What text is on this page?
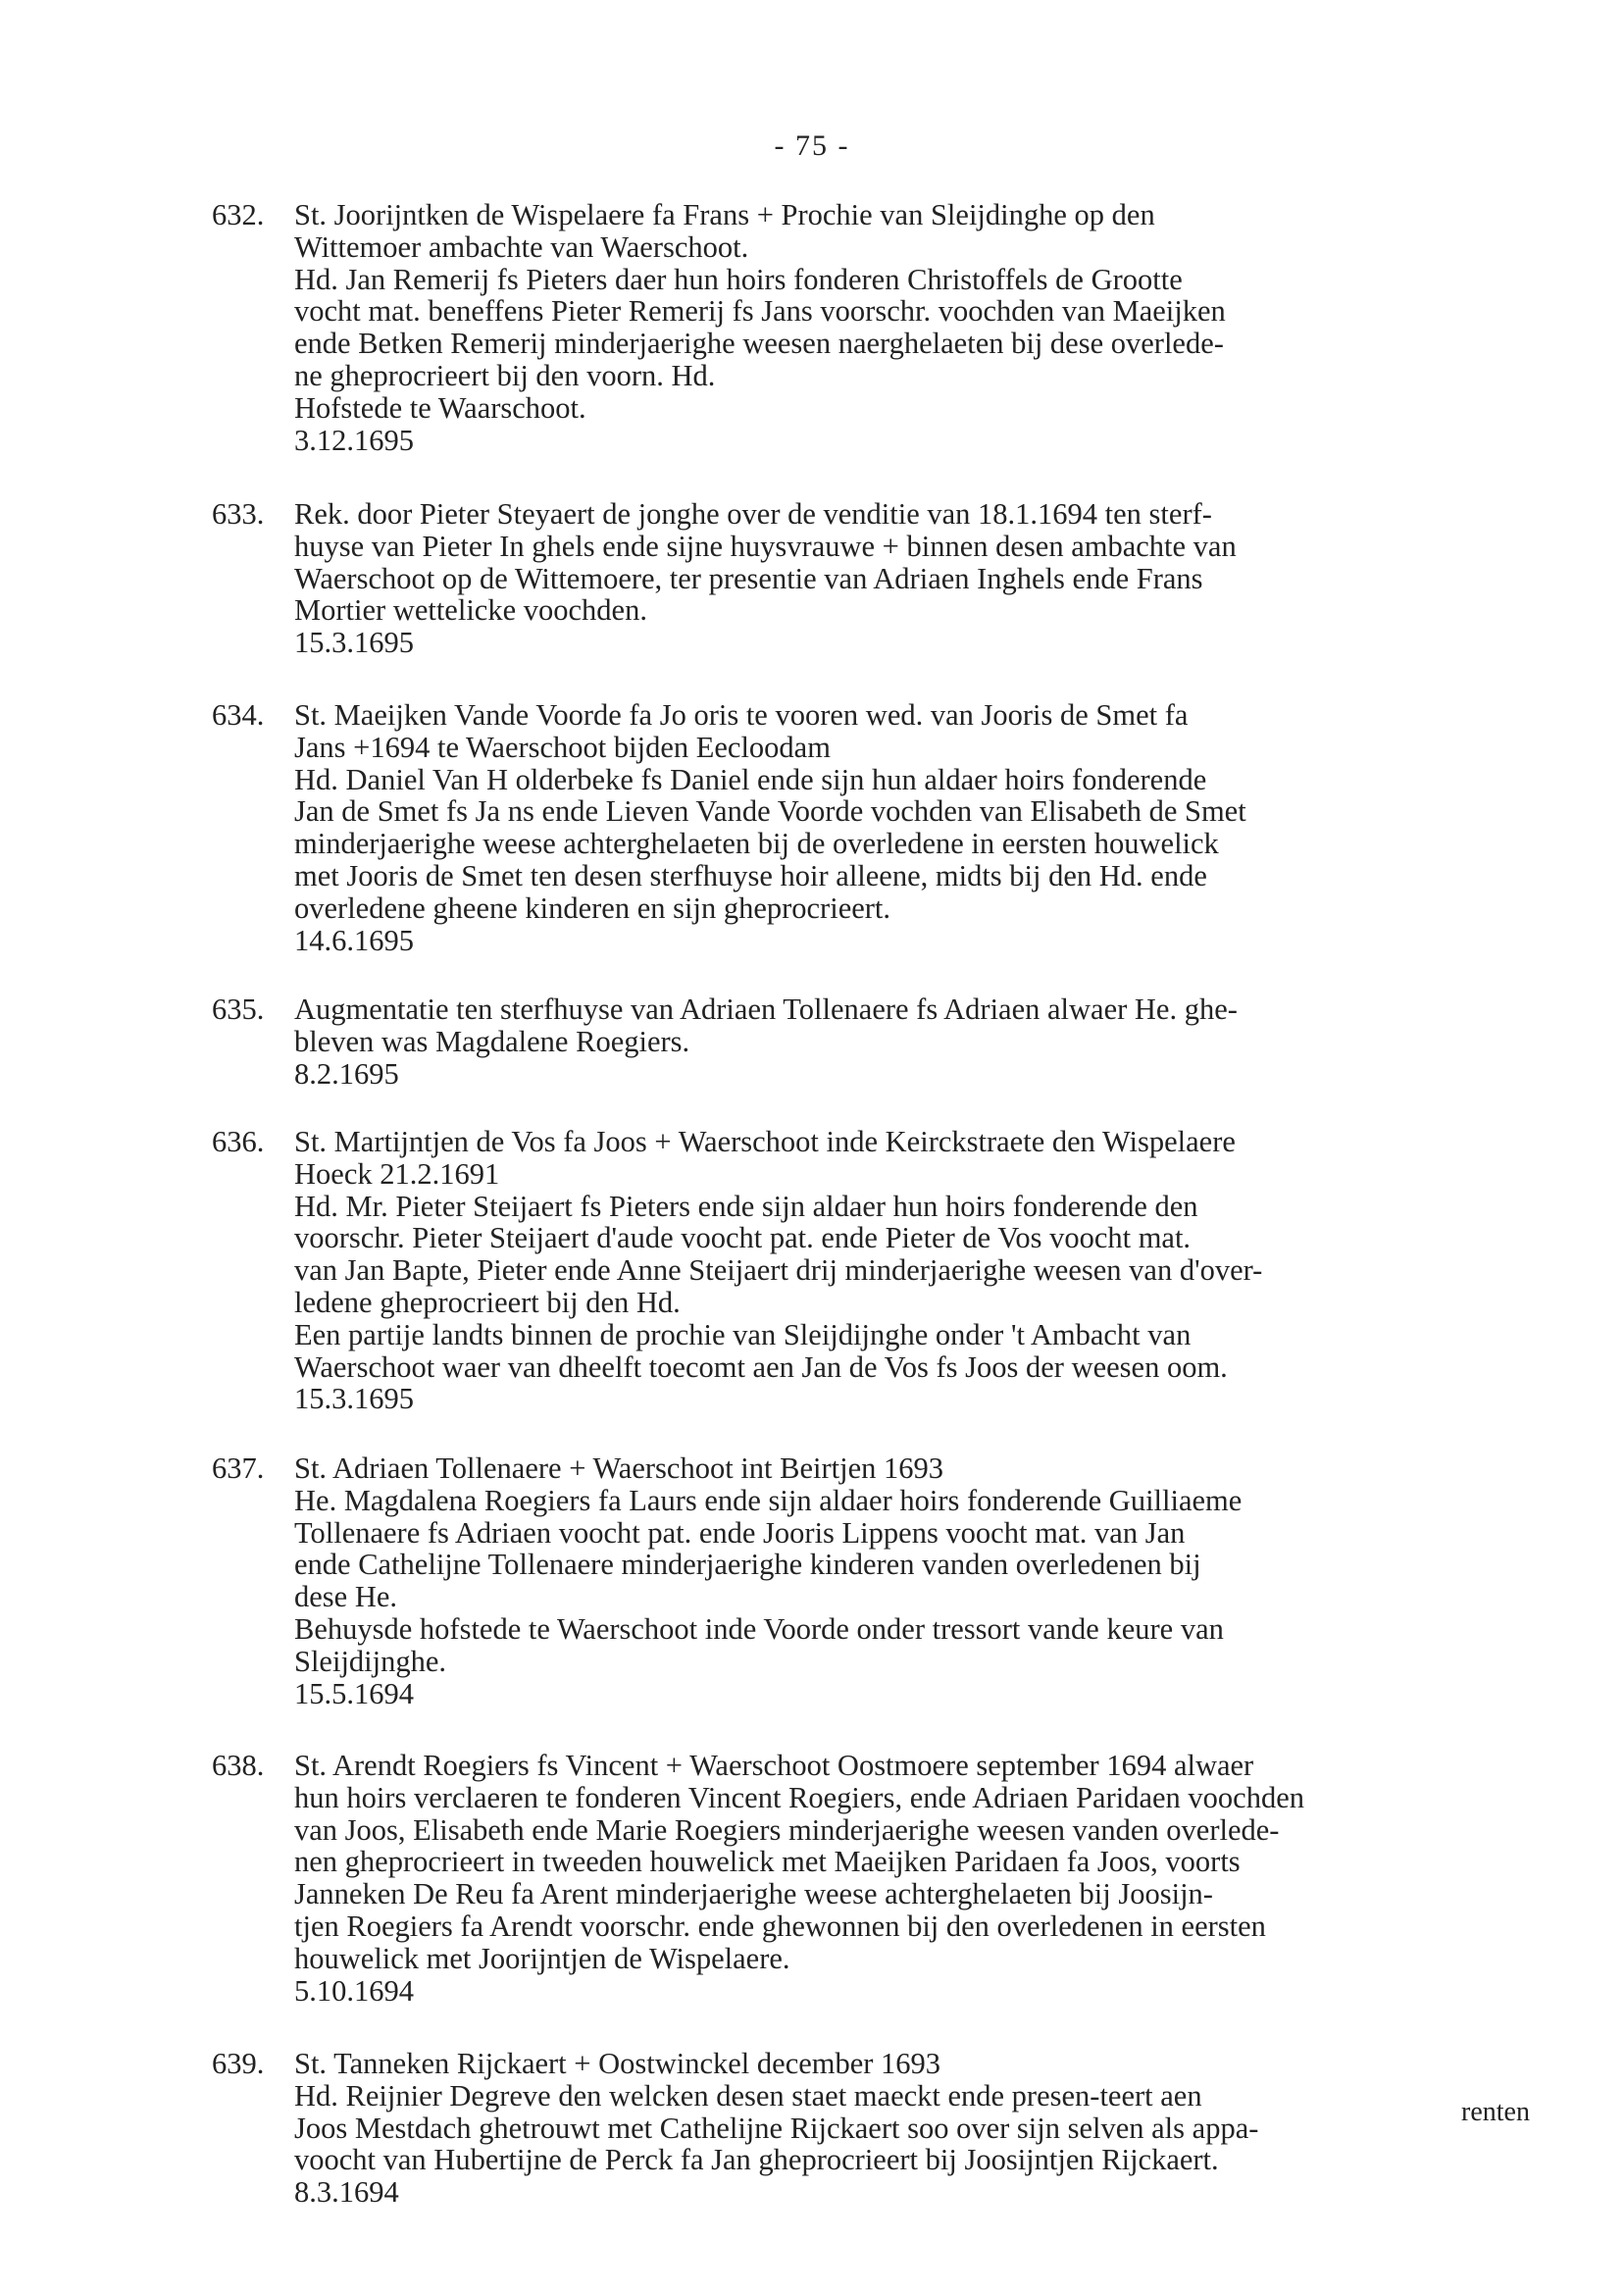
- 75 -
632. St. Joorijntken de Wispelaere fa Frans + Prochie van Sleijdinghe op den
Wittemoer ambachte van Waerschoot.
Hd. Jan Remerij fs Pieters daer hun hoirs fonderen Christoffels de Grootte
vocht mat. beneffens Pieter Remerij fs Jans voorschr. voochden van Maeijken
ende Betken Remerij minderjaerighe weesen naerghelaeten bij dese overlede-
ne gheprocrieert bij den voorn. Hd.
Hofstede te Waarschoot.
3.12.1695
633. Rek. door Pieter Steyaert de jonghe over de venditie van 18.1.1694 ten sterf-
huyse van Pieter In ghels ende sijne huysvrauwe + binnen desen ambachte van
Waerschoot op de Wittemoere, ter presentie van Adriaen Inghels ende Frans
Mortier wettelicke voochden.
15.3.1695
634. St. Maeijken Vande Voorde fa Jo oris te vooren wed. van Jooris de Smet fa
Jans +1694 te Waerschoot bijden Eecloodam
Hd. Daniel Van H olderbeke fs Daniel ende sijn hun aldaer hoirs fonderende
Jan de Smet fs Ja ns ende Lieven Vande Voorde vochden van Elisabeth de Smet
minderjaerighe weese achterghelaeten bij de overledene in eersten houwelick
met Jooris de Smet ten desen sterfhuyse hoir alleene, midts bij den Hd. ende
overledene gheene kinderen en sijn gheprocrieert.
14.6.1695
635. Augmentatie ten sterfhuyse van Adriaen Tollenaere fs Adriaen alwaer He. ghe-
bleven was Magdalene Roegiers.
8.2.1695
636. St. Martijntjen de Vos fa Joos + Waerschoot inde Keirckstraete den Wispelaere
Hoeck 21.2.1691
Hd. Mr. Pieter Steijaert fs Pieters ende sijn aldaer hun hoirs fonderende den
voorschr. Pieter Steijaert d'aude voocht pat. ende Pieter de Vos voocht mat.
van Jan Bapte, Pieter ende Anne Steijaert drij minderjaerighe weesen van d'over-
ledene gheprocrieert bij den Hd.
Een partije landts binnen de prochie van Sleijdijnghe onder 't Ambacht van
Waerschoot waer van dheelft toecomt aen Jan de Vos fs Joos der weesen oom.
15.3.1695
637. St. Adriaen Tollenaere + Waerschoot int Beirtjen 1693
He. Magdalena Roegiers fa Laurs ende sijn aldaer hoirs fonderende Guilliaeme
Tollenaere fs Adriaen voocht pat. ende Jooris Lippens voocht mat. van Jan
ende Cathelijne Tollenaere minderjaerighe kinderen vanden overledenen bij
dese He.
Behuysde hofstede te Waerschoot inde Voorde onder tressort vande keure van
Sleijdijnghe.
15.5.1694
638. St. Arendt Roegiers fs Vincent + Waerschoot Oostmoere september 1694 alwaer
hun hoirs verclaeren te fonderen Vincent Roegiers, ende Adriaen Paridaen voochden
van Joos, Elisabeth ende Marie Roegiers minderjaerighe weesen vanden overlede-
nen gheprocrieert in tweeden houwelick met Maeijken Paridaen fa Joos, voorts
Janneken De Reu fa Arent minderjaerighe weese achterghelaeten bij Joosijn-
tjen Roegiers fa Arendt voorschr. ende ghewonnen bij den overledenen in eersten
houwelick met Joorijntjen de Wispelaere.
5.10.1694
639. St. Tanneken Rijckaert + Oostwinckel december 1693
Hd. Reijnier Degreve den welcken desen staet maeckt ende presen-teert aen
Joos Mestdach ghetrouwt met Cathelijne Rijckaert soo over sijn selven als appa-
voocht van Hubertijne de Perck fa Jan gheprocrieert bij Joosijntjen Rijckaert.
8.3.1694
renten
